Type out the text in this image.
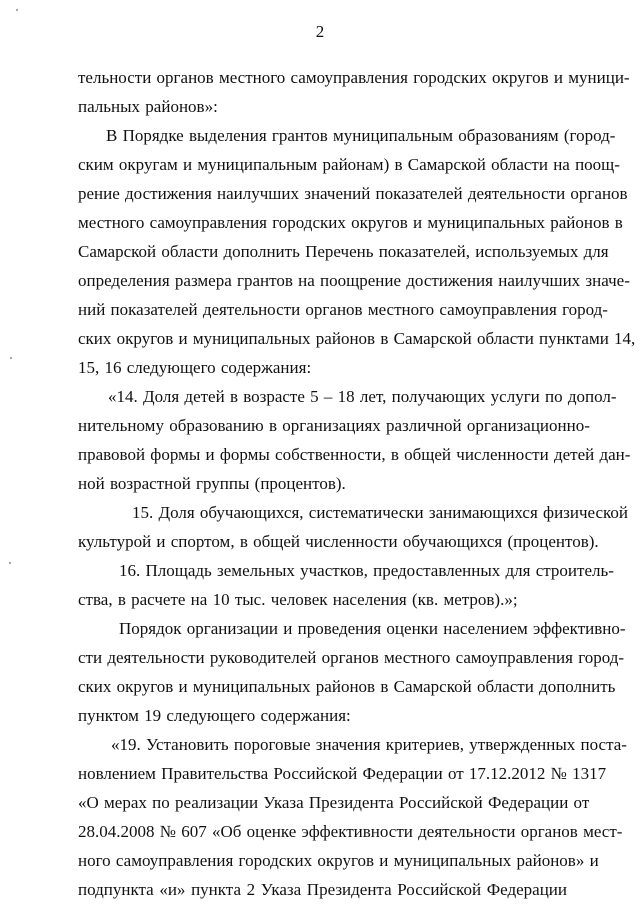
2
тельности органов местного самоуправления городских округов и муници-
пальных районов»:
В Порядке выделения грантов муниципальным образованиям (город-
ским округам и муниципальным районам) в Самарской области на поощ-
рение достижения наилучших значений показателей деятельности органов
местного самоуправления городских округов и муниципальных районов в
Самарской области дополнить Перечень показателей, используемых для
определения размера грантов на поощрение достижения наилучших значе-
ний показателей деятельности органов местного самоуправления город-
ских округов и муниципальных районов в Самарской области пунктами 14,
15, 16 следующего содержания:
«14. Доля детей в возрасте 5 – 18 лет, получающих услуги по допол-
нительному образованию в организациях различной организационно-
правовой формы и формы собственности, в общей численности детей дан-
ной возрастной группы (процентов).
15. Доля обучающихся, систематически занимающихся физической
культурой и спортом, в общей численности обучающихся (процентов).
16. Площадь земельных участков, предоставленных для строитель-
ства, в расчете на 10 тыс. человек населения (кв. метров).»;
Порядок организации и проведения оценки населением эффективно-
сти деятельности руководителей органов местного самоуправления город-
ских округов и муниципальных районов в Самарской области дополнить
пунктом 19 следующего содержания:
«19. Установить пороговые значения критериев, утвержденных поста-
новлением Правительства Российской Федерации от 17.12.2012 № 1317
«О мерах по реализации Указа Президента Российской Федерации от
28.04.2008 № 607 «Об оценке эффективности деятельности органов мест-
ного самоуправления городских округов и муниципальных районов» и
подпункта «и» пункта 2 Указа Президента Российской Федерации
